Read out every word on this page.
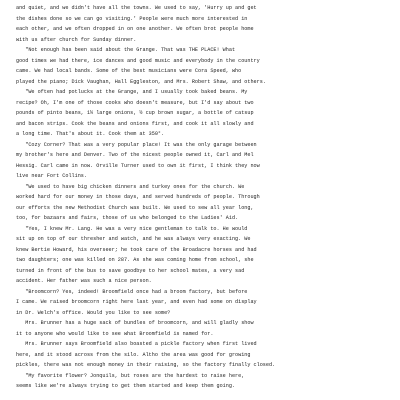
and quiet, and we didn't have all the towns. We used to say, 'Hurry up and get
the dishes done so we can go visiting.' People were much more interested in
each other, and we often dropped in on one another. We often brot people home
with us after church for Sunday dinner.
"Not enough has been said about the Grange. That was THE PLACE! What
good times we had there, ice dances and good music and everybody in the country
came. We had local bands. Some of the best musicians were Cora Speed, who
played the piano; Dick Vaughan, Hall Eggleston, and Mrs. Robert Shaw, and others.
"We often had potlucks at the Grange, and I usually took baked beans. My
recipe? Oh, I'm one of those cooks who doesn't measure, but I'd say about two
pounds of pinto beans, 1½ large onions, ½ cup brown sugar, a bottle of catsup
and bacon strips. Cook the beans and onions first, and cook it all slowly and
a long time. That's about it. Cook them at 350°.
"Cozy Corner? That was a very popular place! It was the only garage between
my brother's here and Denver. Two of the nicest people owned it, Carl and Mel
Hessig. Carl came in now. Orville Turner used to own it first, I think they now
live near Fort Collins.
"We used to have big chicken dinners and turkey ones for the church. We
worked hard for our money in those days, and served hundreds of people. Through
our efforts the new Methodist Church was built. We used to sew all year long,
too, for bazaars and fairs, those of us who belonged to the Ladies' Aid.
"Yes, I knew Mr. Lang. He was a very nice gentleman to talk to. He would
sit up on top of our thresher and watch, and he was always very exacting. We
knew Bertie Howard, his overseer; he took care of the Broadacre horses and had
two daughters; one was killed on 287. As she was coming home from school, she
turned in front of the bus to save goodbye to her school mates, a very sad
accident. Her father was such a nice person.
"Broomcorn? Yes, indeed! Broomfield once had a broom factory, but before
I came. We raised broomcorn right here last year, and even had some on display
in Dr. Welch's office. Would you like to see some?
Mrs. Brunner has a huge sack of bundles of broomcorn, and will gladly show
it to anyone who would like to see what Broomfield is named for.
Mrs. Brunner says Broomfield also boasted a pickle factory when first lived
here, and it stood across from the silo. Altho the area was good for growing
pickles, there was not enough money in their raising, so the factory finally closed.
"My favorite flower? Jonquils, but roses are the hardest to raise here,
seems like we're always trying to get them started and keep them going.
